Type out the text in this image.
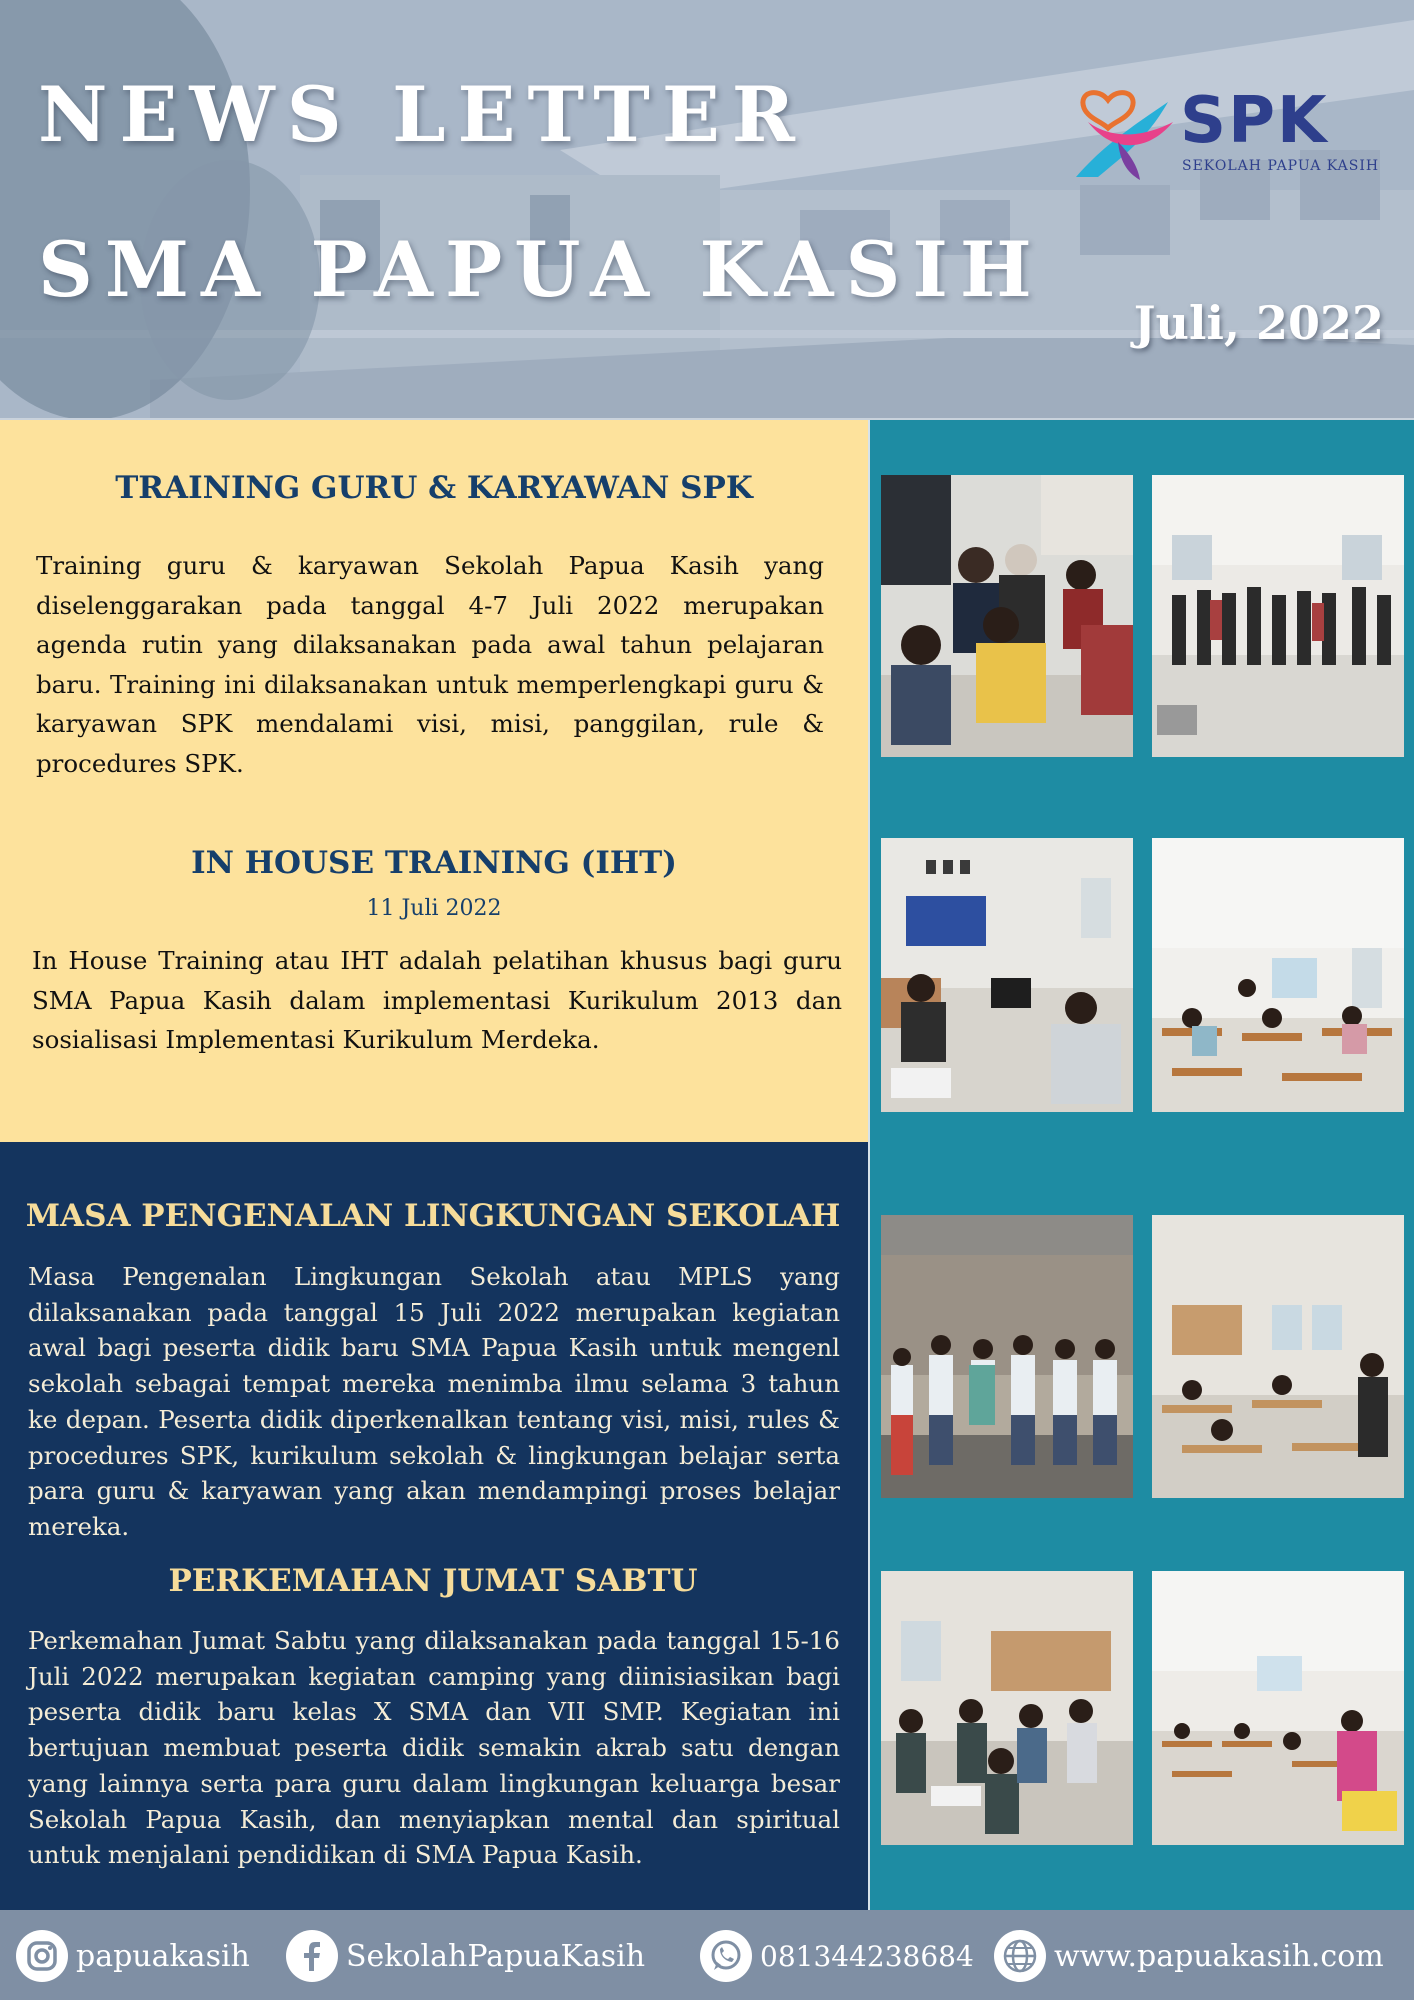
NEWS LETTER
SMA PAPUA KASIH
Juli, 2022
SPK
SEKOLAH PAPUA KASIH
TRAINING GURU & KARYAWAN SPK

Training guru & karyawan Sekolah Papua Kasih yang diselenggarakan pada tanggal 4-7 Juli 2022 merupakan agenda rutin yang dilaksanakan pada awal tahun pelajaran baru. Training ini dilaksanakan untuk memperlengkapi guru & karyawan SPK mendalami visi, misi, panggilan, rule & procedures SPK.

IN HOUSE TRAINING (IHT)

11 Juli 2022

In House Training atau IHT adalah pelatihan khusus bagi guru SMA Papua Kasih dalam implementasi Kurikulum 2013 dan sosialisasi Implementasi Kurikulum Merdeka.

MASA PENGENALAN LINGKUNGAN SEKOLAH

Masa Pengenalan Lingkungan Sekolah atau MPLS yang dilaksanakan pada tanggal 15 Juli 2022 merupakan kegiatan awal bagi peserta didik baru SMA Papua Kasih untuk mengenl sekolah sebagai tempat mereka menimba ilmu selama 3 tahun ke depan. Peserta didik diperkenalkan tentang visi, misi, rules & procedures SPK, kurikulum sekolah & lingkungan belajar serta para guru & karyawan yang akan mendampingi proses belajar mereka.

PERKEMAHAN JUMAT SABTU

Perkemahan Jumat Sabtu yang dilaksanakan pada tanggal 15-16 Juli 2022 merupakan kegiatan camping yang diinisiasikan bagi peserta didik baru kelas X SMA dan VII SMP. Kegiatan ini bertujuan membuat peserta didik semakin akrab satu dengan yang lainnya serta para guru dalam lingkungan keluarga besar Sekolah Papua Kasih, dan menyiapkan mental dan spiritual untuk menjalani pendidikan di SMA Papua Kasih.

papuakasih	SekolahPapuaKasih	081344238684	www.papuakasih.com
